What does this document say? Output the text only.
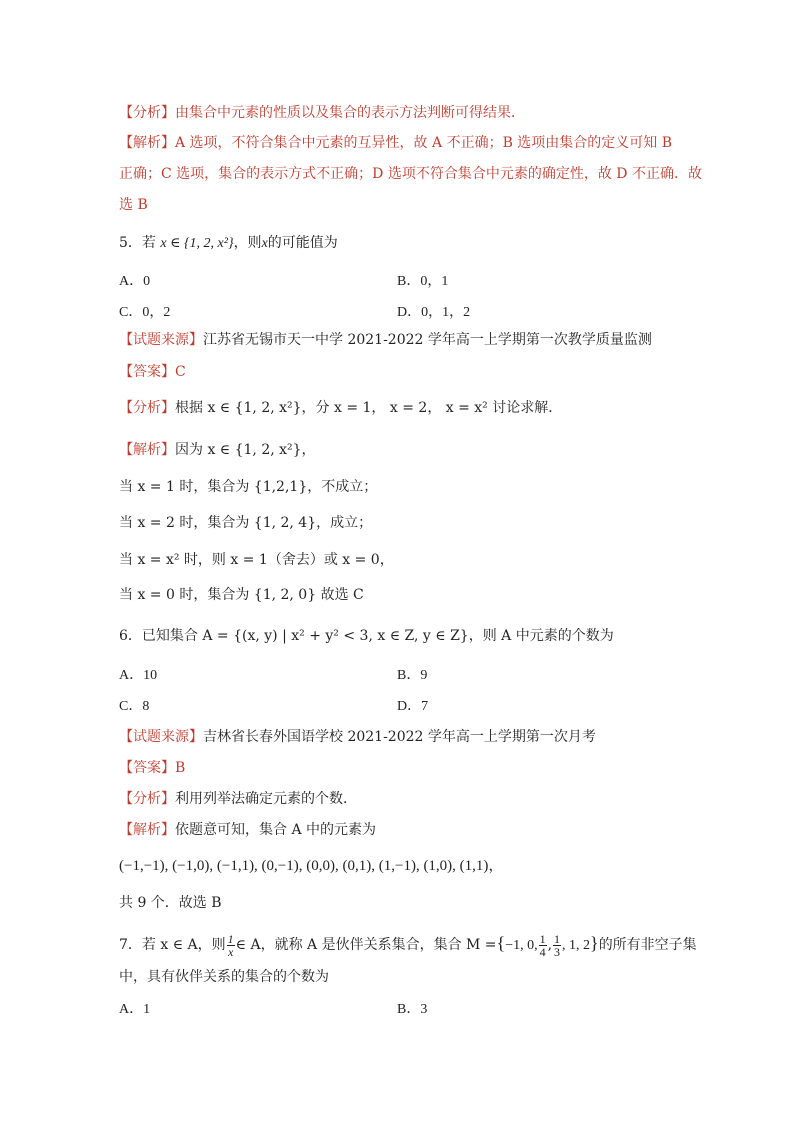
【分析】由集合中元素的性质以及集合的表示方法判断可得结果．
【解析】A 选项，不符合集合中元素的互异性，故 A 不正确；B 选项由集合的定义可知 B
正确；C 选项，集合的表示方式不正确；D 选项不符合集合中元素的确定性，故 D 不正确．故
选 B
5．若 x ∈ {1, 2, x²}，则x的可能值为
A．0	B．0，1
C．0，2	D．0，1，2
【试题来源】江苏省无锡市天一中学 2021-2022 学年高一上学期第一次教学质量监测
【答案】C
【分析】根据 x ∈ {1, 2, x²}，分 x = 1， x = 2， x = x² 讨论求解．
【解析】因为 x ∈ {1, 2, x²}，
当 x = 1 时，集合为 {1,2,1}，不成立；
当 x = 2 时，集合为 {1, 2, 4}，成立；
当 x = x² 时，则 x = 1（舍去）或 x = 0，
当 x = 0 时，集合为 {1, 2, 0} 故选 C
6．已知集合 A = {(x, y) | x² + y² < 3, x ∈ Z, y ∈ Z}，则 A 中元素的个数为
A．10	B．9
C．8	D．7
【试题来源】吉林省长春外国语学校 2021-2022 学年高一上学期第一次月考
【答案】B
【分析】利用列举法确定元素的个数．
【解析】依题意可知，集合 A 中的元素为
(−1,−1), (−1,0), (−1,1), (0,−1), (0,0), (0,1), (1,−1), (1,0), (1,1)，
共 9 个．故选 B
7．若 x ∈ A，则 $\frac{1}{x}$ ∈ A，就称 A 是伙伴关系集合，集合 M ={−1, 0, $\frac{1}{4}$ , $\frac{1}{3}$ , 1, 2}的所有非空子集
中，具有伙伴关系的集合的个数为
A．1	B．3
